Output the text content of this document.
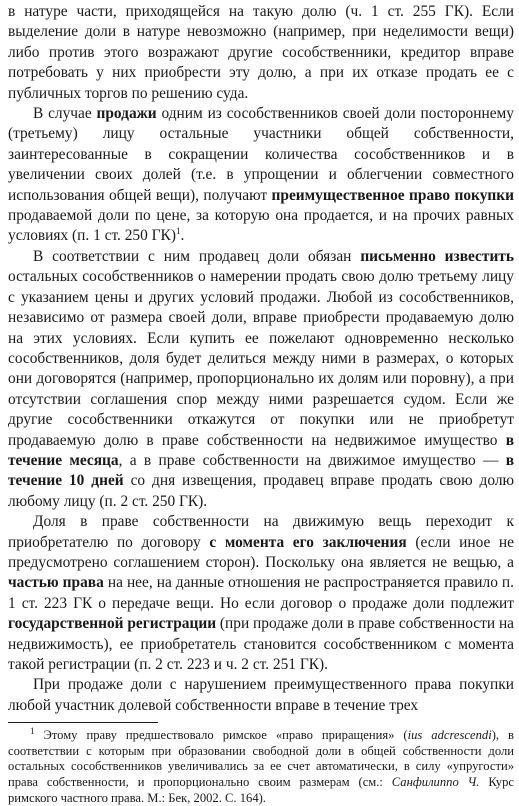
в натуре части, приходящейся на такую долю (ч. 1 ст. 255 ГК). Если выделение доли в натуре невозможно (например, при неделимости вещи) либо против этого возражают другие сособственники, кредитор вправе потребовать у них приобрести эту долю, а при их отказе продать ее с публичных торгов по решению суда.

В случае продажи одним из сособственников своей доли постороннему (третьему) лицу остальные участники общей собственности, заинтересованные в сокращении количества сособственников и в увеличении своих долей (т.е. в упрощении и облегчении совместного использования общей вещи), получают преимущественное право покупки продаваемой доли по цене, за которую она продается, и на прочих равных условиях (п. 1 ст. 250 ГК)$^1$.

В соответствии с ним продавец доли обязан письменно известить остальных сособственников о намерении продать свою долю третьему лицу с указанием цены и других условий продажи. Любой из сособственников, независимо от размера своей доли, вправе приобрести продаваемую долю на этих условиях. Если купить ее пожелают одновременно несколько сособственников, доля будет делиться между ними в размерах, о которых они договорятся (например, пропорционально их долям или поровну), а при отсутствии соглашения спор между ними разрешается судом. Если же другие сособственники откажутся от покупки или не приобретут продаваемую долю в праве собственности на недвижимое имущество в течение месяца, а в праве собственности на движимое имущество — в течение 10 дней со дня извещения, продавец вправе продать свою долю любому лицу (п. 2 ст. 250 ГК).

Доля в праве собственности на движимую вещь переходит к приобретателю по договору с момента его заключения (если иное не предусмотрено соглашением сторон). Поскольку она является не вещью, а частью права на нее, на данные отношения не распространяется правило п. 1 ст. 223 ГК о передаче вещи. Но если договор о продаже доли подлежит государственной регистрации (при продаже доли в праве собственности на недвижимость), ее приобретатель становится сособственником с момента такой регистрации (п. 2 ст. 223 и ч. 2 ст. 251 ГК).

При продаже доли с нарушением преимущественного права покупки любой участник долевой собственности вправе в течение трех

$^1$ Этому праву предшествовало римское «право приращения» (ius adcrescendi), в соответствии с которым при образовании свободной доли в общей собственности доли остальных сособственников увеличивались за ее счет автоматически, в силу «упругости» права собственности, и пропорционально своим размерам (см.: Санфилиппо Ч. Курс римского частного права. М.: Бек, 2002. С. 164).
